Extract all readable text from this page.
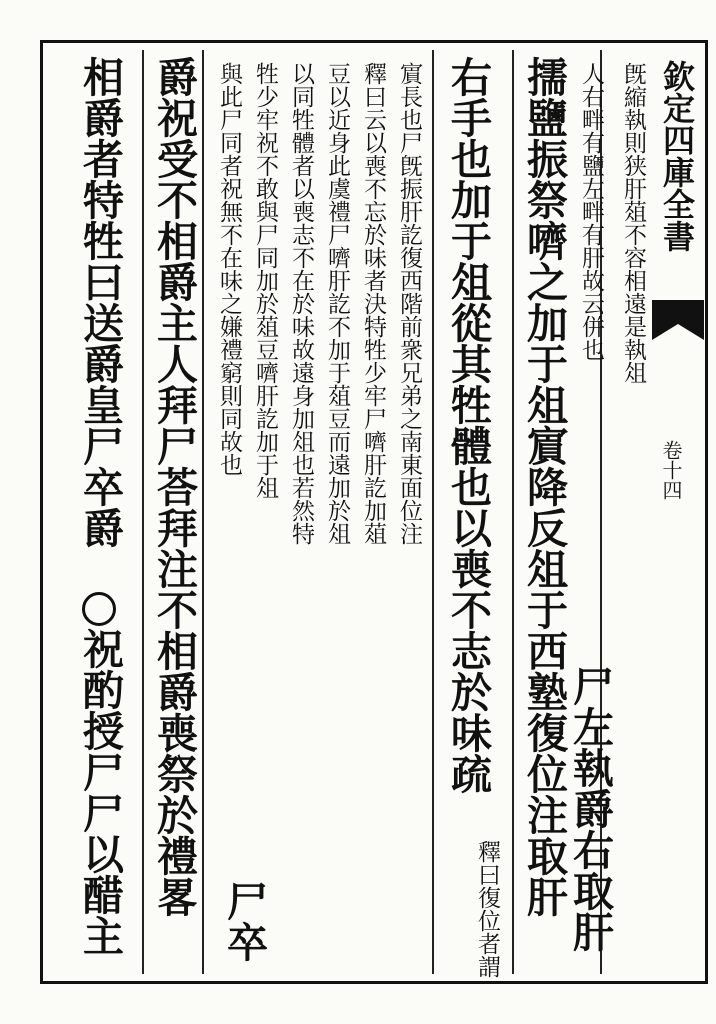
欽定四庫全書
卷十四
旣縮執則狭肝葅不容相遠是執俎
人右畔有鹽左畔有肝故云併也
擩鹽振祭嚌之加于俎賔降反俎于西塾復位注取肝
尸左執爵右取肝
右手也加于俎從其牲體也以喪不志於味疏
釋曰復位者謂
賔長也尸旣振肝訖復西階前衆兄弟之南東面位注
釋曰云以喪不忘於味者決特牲少牢尸嚌肝訖加葅
豆以近身此虞禮尸嚌肝訖不加于葅豆而遠加於俎
以同牲體者以喪志不在於味故遠身加俎也若然特
牲少牢祝不敢與尸同加於葅豆嚌肝訖加于俎
與此尸同者祝無不在味之嫌禮窮則同故也
尸卒
爵祝受不相爵主人拜尸荅拜注不相爵喪祭於禮畧
相爵者特牲曰送爵皇尸卒爵
祝酌授尸尸以醋主
